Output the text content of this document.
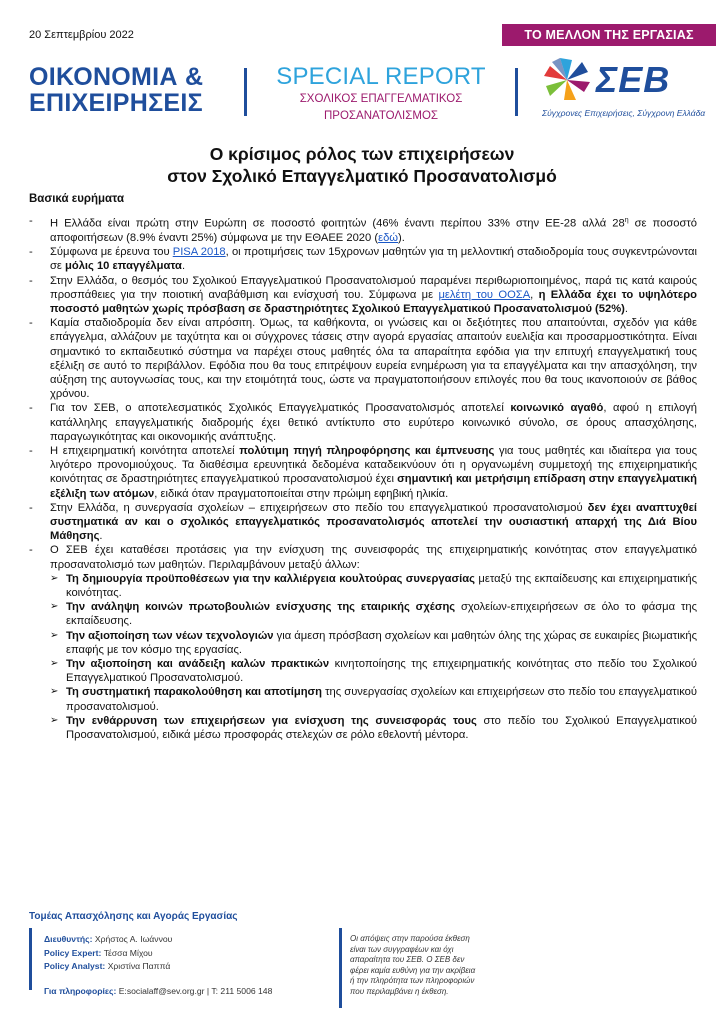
20 Σεπτεμβρίου 2022	ΤΟ ΜΕΛΛΟΝ ΤΗΣ ΕΡΓΑΣΙΑΣ
ΟΙΚΟΝΟΜΙΑ &
ΕΠΙΧΕΙΡΗΣΕΙΣ
SPECIAL REPORT
ΣΧΟΛΙΚΟΣ ΕΠΑΓΓΕΛΜΑΤΙΚΟΣ
ΠΡΟΣΑΝΑΤΟΛΙΣΜΟΣ
ΣΕΒ
Σύγχρονες Επιχειρήσεις, Σύγχρονη Ελλάδα
Ο κρίσιμος ρόλος των επιχειρήσεων
στον Σχολικό Επαγγελματικό Προσανατολισμό
Βασικά ευρήματα
- Η Ελλάδα είναι πρώτη στην Ευρώπη σε ποσοστό φοιτητών (46% έναντι περίπου 33% στην ΕΕ-28 αλλά $28^\eta$ σε ποσοστό αποφοιτήσεων (8.9% έναντι 25%) σύμφωνα με την ΕΘΑΕΕ 2020 (εδώ).
- Σύμφωνα με έρευνα του PISA 2018, οι προτιμήσεις των 15χρονων μαθητών για τη μελλοντική σταδιοδρομία τους συγκεντρώνονται σε μόλις 10 επαγγέλματα.
- Στην Ελλάδα, ο θεσμός του Σχολικού Επαγγελματικού Προσανατολισμού παραμένει περιθωριοποιημένος, παρά τις κατά καιρούς προσπάθειες για την ποιοτική αναβάθμιση και ενίσχυσή του. Σύμφωνα με μελέτη του ΟΟΣΑ, η Ελλάδα έχει το υψηλότερο ποσοστό μαθητών χωρίς πρόσβαση σε δραστηριότητες Σχολικού Επαγγελματικού Προσανατολισμού (52%).
- Καμία σταδιοδρομία δεν είναι απρόσιτη. Όμως, τα καθήκοντα, οι γνώσεις και οι δεξιότητες που απαιτούνται, σχεδόν για κάθε επάγγελμα, αλλάζουν με ταχύτητα και οι σύγχρονες τάσεις στην αγορά εργασίας απαιτούν ευελιξία και προσαρμοστικότητα. Είναι σημαντικό το εκπαιδευτικό σύστημα να παρέχει στους μαθητές όλα τα απαραίτητα εφόδια για την επιτυχή επαγγελματική τους εξέλιξη σε αυτό το περιβάλλον. Εφόδια που θα τους επιτρέψουν ευρεία ενημέρωση για τα επαγγέλματα και την απασχόληση, την αύξηση της αυτογνωσίας τους, και την ετοιμότητά τους, ώστε να πραγματοποιήσουν επιλογές που θα τους ικανοποιούν σε βάθος χρόνου.
- Για τον ΣΕΒ, ο αποτελεσματικός Σχολικός Επαγγελματικός Προσανατολισμός αποτελεί κοινωνικό αγαθό, αφού η επιλογή κατάλληλης επαγγελματικής διαδρομής έχει θετικό αντίκτυπο στο ευρύτερο κοινωνικό σύνολο, σε όρους απασχόλησης, παραγωγικότητας και οικονομικής ανάπτυξης.
- Η επιχειρηματική κοινότητα αποτελεί πολύτιμη πηγή πληροφόρησης και έμπνευσης για τους μαθητές και ιδιαίτερα για τους λιγότερο προνομιούχους. Τα διαθέσιμα ερευνητικά δεδομένα καταδεικνύουν ότι η οργανωμένη συμμετοχή της επιχειρηματικής κοινότητας σε δραστηριότητες επαγγελματικού προσανατολισμού έχει σημαντική και μετρήσιμη επίδραση στην επαγγελματική εξέλιξη των ατόμων, ειδικά όταν πραγματοποιείται στην πρώιμη εφηβική ηλικία.
- Στην Ελλάδα, η συνεργασία σχολείων – επιχειρήσεων στο πεδίο του επαγγελματικού προσανατολισμού δεν έχει αναπτυχθεί συστηματικά αν και ο σχολικός επαγγελματικός προσανατολισμός αποτελεί την ουσιαστική απαρχή της Διά Βίου Μάθησης.
- Ο ΣΕΒ έχει καταθέσει προτάσεις για την ενίσχυση της συνεισφοράς της επιχειρηματικής κοινότητας στον επαγγελματικό προσανατολισμό των μαθητών. Περιλαμβάνουν μεταξύ άλλων:
➢ Τη δημιουργία προϋποθέσεων για την καλλιέργεια κουλτούρας συνεργασίας μεταξύ της εκπαίδευσης και επιχειρηματικής κοινότητας.
➢ Την ανάληψη κοινών πρωτοβουλιών ενίσχυσης της εταιρικής σχέσης σχολείων-επιχειρήσεων σε όλο το φάσμα της εκπαίδευσης.
➢ Την αξιοποίηση των νέων τεχνολογιών για άμεση πρόσβαση σχολείων και μαθητών όλης της χώρας σε ευκαιρίες βιωματικής επαφής με τον κόσμο της εργασίας.
➢ Την αξιοποίηση και ανάδειξη καλών πρακτικών κινητοποίησης της επιχειρηματικής κοινότητας στο πεδίο του Σχολικού Επαγγελματικού Προσανατολισμού.
➢ Τη συστηματική παρακολούθηση και αποτίμηση της συνεργασίας σχολείων και επιχειρήσεων στο πεδίο του επαγγελματικού προσανατολισμού.
➢ Την ενθάρρυνση των επιχειρήσεων για ενίσχυση της συνεισφοράς τους στο πεδίο του Σχολικού Επαγγελματικού Προσανατολισμού, ειδικά μέσω προσφοράς στελεχών σε ρόλο εθελοντή μέντορα.
Τομέας Απασχόλησης και Αγοράς Εργασίας
Διευθυντής: Χρήστος Α. Ιωάννου
Policy Expert: Τέσσα Μίχου
Policy Analyst: Χριστίνα Παππά
Για πληροφορίες: E:socialaff@sev.org.gr | T: 211 5006 148
Οι απόψεις στην παρούσα έκθεση είναι των συγγραφέων και όχι απαραίτητα του ΣΕΒ. Ο ΣΕΒ δεν φέρει καμία ευθύνη για την ακρίβεια ή την πληρότητα των πληροφοριών που περιλαμβάνει η έκθεση.
